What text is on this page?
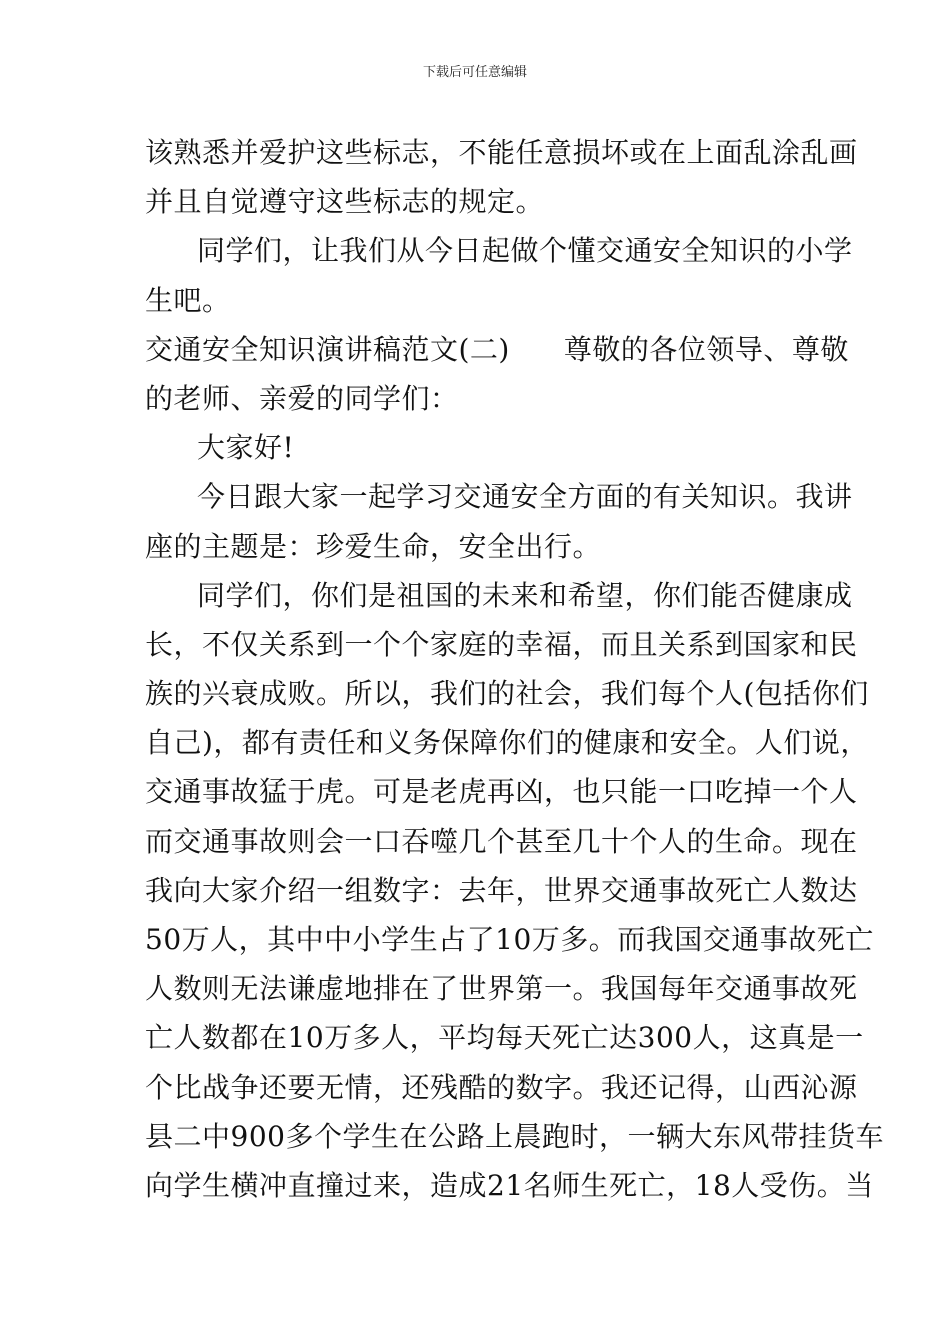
下载后可任意编辑
该熟悉并爱护这些标志，不能任意损坏或在上面乱涂乱画
并且自觉遵守这些标志的规定。
同学们，让我们从今日起做个懂交通安全知识的小学
生吧。
交通安全知识演讲稿范文(二) 尊敬的各位领导、尊敬
的老师、亲爱的同学们：
大家好!
今日跟大家一起学习交通安全方面的有关知识。我讲
座的主题是：珍爱生命，安全出行。
同学们，你们是祖国的未来和希望，你们能否健康成
长，不仅关系到一个个家庭的幸福，而且关系到国家和民
族的兴衰成败。所以，我们的社会，我们每个人(包括你们
自己)，都有责任和义务保障你们的健康和安全。人们说，
交通事故猛于虎。可是老虎再凶，也只能一口吃掉一个人
而交通事故则会一口吞噬几个甚至几十个人的生命。现在
我向大家介绍一组数字：去年，世界交通事故死亡人数达
50万人，其中中小学生占了10万多。而我国交通事故死亡
人数则无法谦虚地排在了世界第一。我国每年交通事故死
亡人数都在10万多人，平均每天死亡达300人，这真是一
个比战争还要无情，还残酷的数字。我还记得，山西沁源
县二中900多个学生在公路上晨跑时，一辆大东风带挂货车
向学生横冲直撞过来，造成21名师生死亡，18人受伤。当
